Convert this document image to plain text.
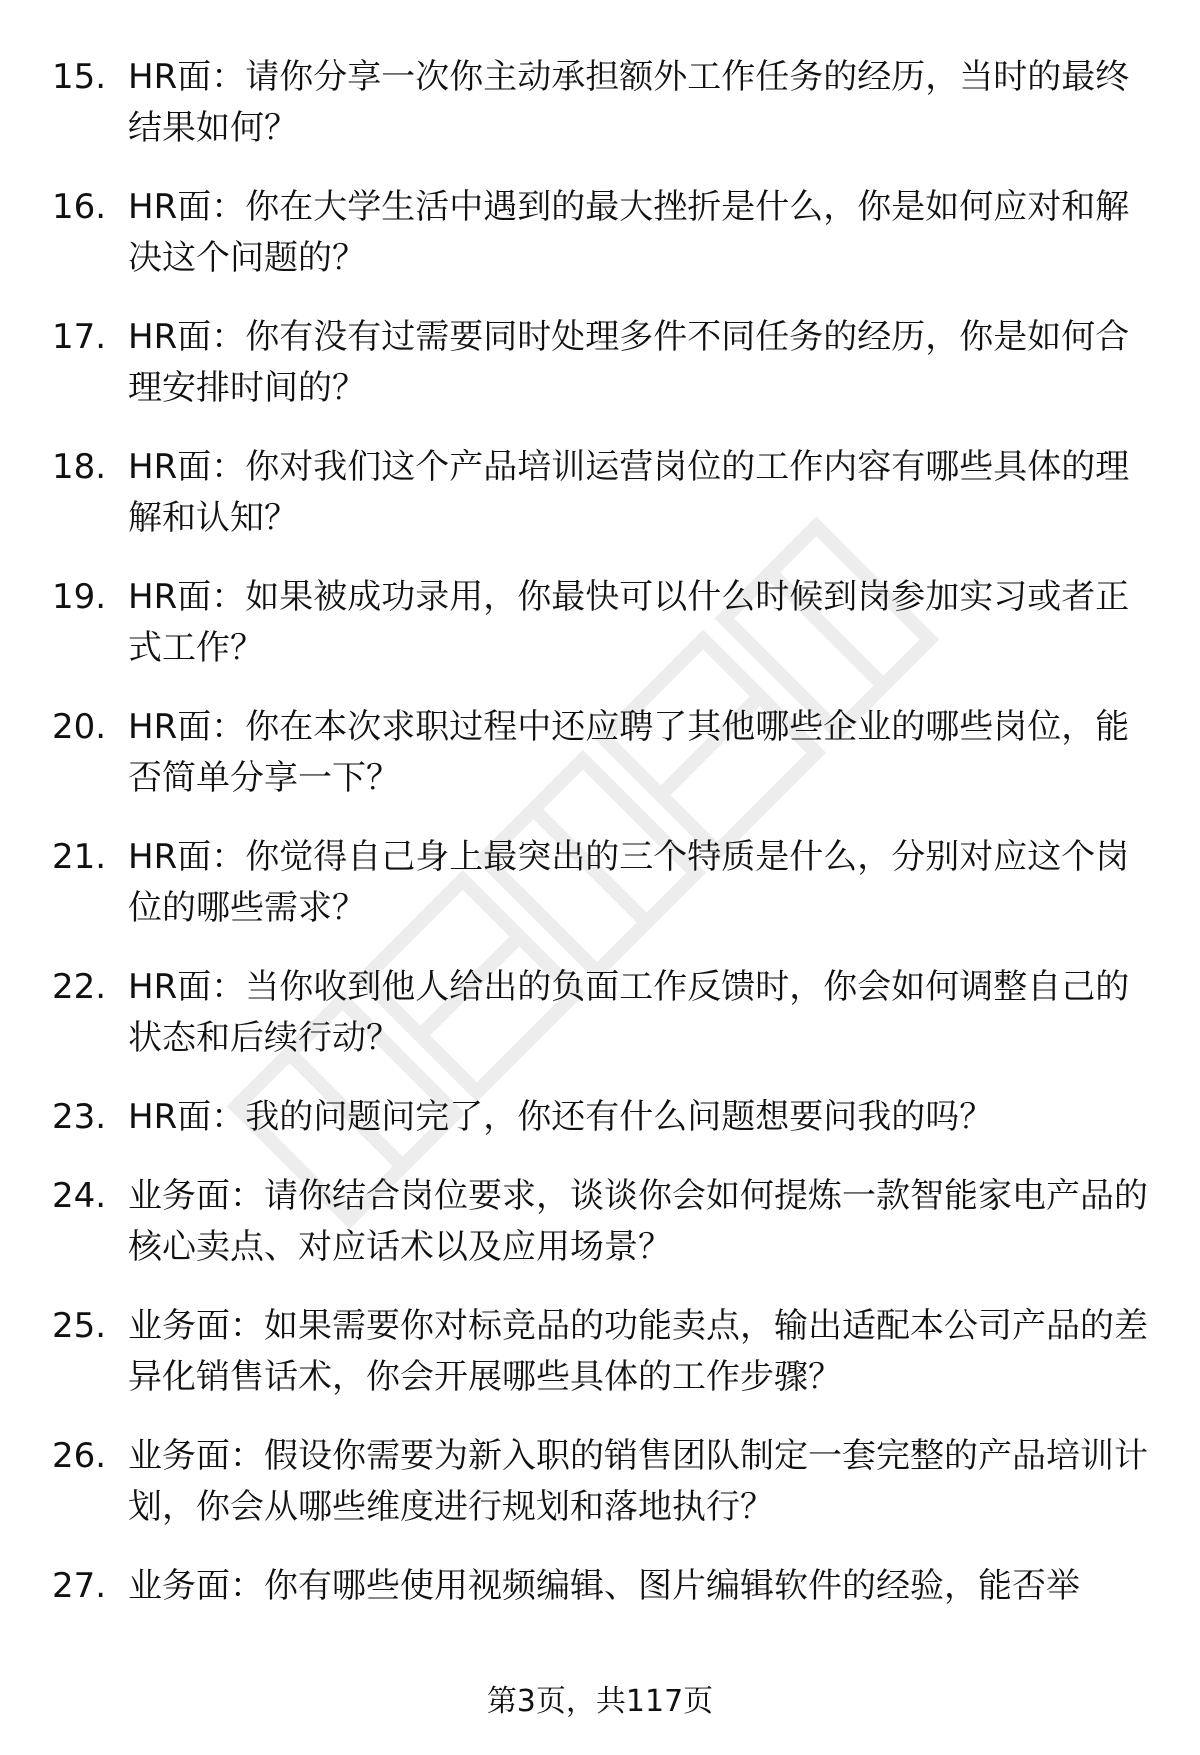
15. HR面：请你分享一次你主动承担额外工作任务的经历，当时的最终结果如何？
16. HR面：你在大学生活中遇到的最大挫折是什么，你是如何应对和解决这个问题的？
17. HR面：你有没有过需要同时处理多件不同任务的经历，你是如何合理安排时间的？
18. HR面：你对我们这个产品培训运营岗位的工作内容有哪些具体的理解和认知？
19. HR面：如果被成功录用，你最快可以什么时候到岗参加实习或者正式工作？
20. HR面：你在本次求职过程中还应聘了其他哪些企业的哪些岗位，能否简单分享一下？
21. HR面：你觉得自己身上最突出的三个特质是什么，分别对应这个岗位的哪些需求？
22. HR面：当你收到他人给出的负面工作反馈时，你会如何调整自己的状态和后续行动？
23. HR面：我的问题问完了，你还有什么问题想要问我的吗？
24. 业务面：请你结合岗位要求，谈谈你会如何提炼一款智能家电产品的核心卖点、对应话术以及应用场景？
25. 业务面：如果需要你对标竞品的功能卖点，输出适配本公司产品的差异化销售话术，你会开展哪些具体的工作步骤？
26. 业务面：假设你需要为新入职的销售团队制定一套完整的产品培训计划，你会从哪些维度进行规划和落地执行？
27. 业务面：你有哪些使用视频编辑、图片编辑软件的经验，能否举
第3页，共117页
